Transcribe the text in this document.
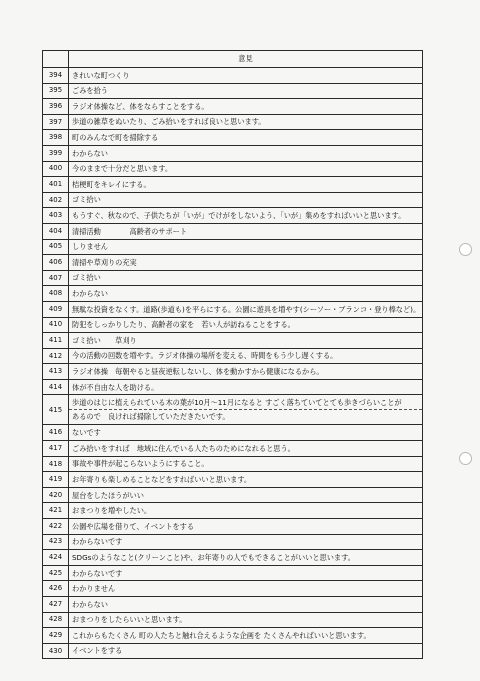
	意見
394	きれいな町つくり
395	ごみを拾う
396	ラジオ体操など、体をならすことをする。
397	歩道の雑草をぬいたり、ごみ拾いをすれば良いと思います。
398	町のみんなで町を掃除する
399	わからない
400	今のままで十分だと思います。
401	桔梗町をキレイにする。
402	ゴミ拾い
403	もうすぐ、秋なので、子供たちが「いが」でけがをしないよう、「いが」集めをすればいいと思います。
404	清掃活動　　　　高齢者のサポート
405	しりません
406	清掃や草刈りの充実
407	ゴミ拾い
408	わからない
409	無駄な投資をなくす。道路(歩道も)を平らにする。公園に遊具を増やす(シーソー・ブランコ・登り棒など)。
410	防犯をしっかりしたり、高齢者の家を　若い人が訪ねることをする。
411	ゴミ拾い　　草刈り
412	今の活動の回数を増やす。ラジオ体操の場所を変える、時間をもう少し遅くする。
413	ラジオ体操　毎朝やると昼夜逆転しないし、体を動かすから健康になるから。
414	体が不自由な人を助ける。
415	歩道のはじに植えられている木の葉が10月～11月になると すごく落ちていてとても歩きづらいことが
あるので　良ければ掃除していただきたいです。

416	ないです
417	ごみ拾いをすれば　地域に住んでいる人たちのためになれると思う。
418	事故や事件が起こらないようにすること。
419	お年寄りも楽しめることなどをすればいいと思います。
420	屋台をしたほうがいい
421	おまつりを増やしたい。
422	公園や広場を借りて、イベントをする
423	わからないです
424	SDGsのようなこと(クリーンこと)や、お年寄りの人でもできることがいいと思います。
425	わからないです
426	わかりません
427	わからない
428	おまつりをしたらいいと思います。
429	これからもたくさん 町の人たちと触れ合えるような企画を たくさんやればいいと思います。
430	イベントをする
